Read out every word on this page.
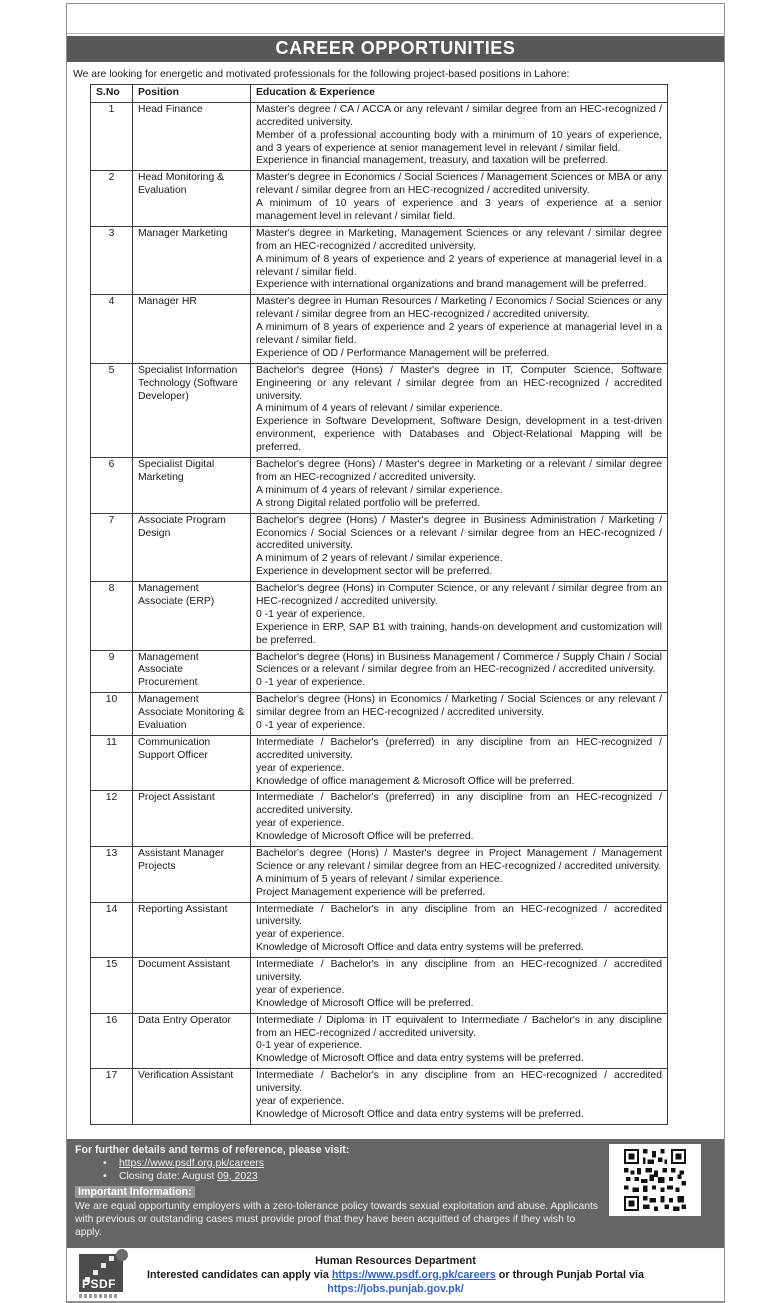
CAREER OPPORTUNITIES
We are looking for energetic and motivated professionals for the following project-based positions in Lahore:
S.No	Position	Education & Experience
1	Head Finance	Master's degree / CA / ACCA or any relevant / similar degree from an HEC-recognized / accredited university.
Member of a professional accounting body with a minimum of 10 years of experience, and 3 years of experience at senior management level in relevant / similar field.
Experience in financial management, treasury, and taxation will be preferred.

2	Head Monitoring & Evaluation	Master's degree in Economics / Social Sciences / Management Sciences or MBA or any relevant / similar degree from an HEC-recognized / accredited university.
A minimum of 10 years of experience and 3 years of experience at a senior management level in relevant / similar field.

3	Manager Marketing	Master's degree in Marketing, Management Sciences or any relevant / similar degree from an HEC-recognized / accredited university.
A minimum of 8 years of experience and 2 years of experience at managerial level in a relevant / similar field.
Experience with international organizations and brand management will be preferred.

4	Manager HR	Master's degree in Human Resources / Marketing / Economics / Social Sciences or any relevant / similar degree from an HEC-recognized / accredited university.
A minimum of 8 years of experience and 2 years of experience at managerial level in a relevant / similar field.
Experience of OD / Performance Management will be preferred.

5	Specialist Information Technology (Software Developer)	Bachelor's degree (Hons) / Master's degree in IT, Computer Science, Software Engineering or any relevant / similar degree from an HEC-recognized / accredited university.
A minimum of 4 years of relevant / similar experience.
Experience in Software Development, Software Design, development in a test-driven environment, experience with Databases and Object-Relational Mapping will be preferred.

6	Specialist Digital Marketing	Bachelor's degree (Hons) / Master's degree in Marketing or a relevant / similar degree from an HEC-recognized / accredited university.
A minimum of 4 years of relevant / similar experience.
A strong Digital related portfolio will be preferred.

7	Associate Program Design	Bachelor's degree (Hons) / Master's degree in Business Administration / Marketing / Economics / Social Sciences or a relevant / similar degree from an HEC-recognized / accredited university.
A minimum of 2 years of relevant / similar experience.
Experience in development sector will be preferred.

8	Management Associate (ERP)	Bachelor's degree (Hons) in Computer Science, or any relevant / similar degree from an HEC-recognized / accredited university.
0 -1 year of experience.
Experience in ERP, SAP B1 with training, hands-on development and customization will be preferred.

9	Management Associate Procurement	Bachelor's degree (Hons) in Business Management / Commerce / Supply Chain / Social Sciences or a relevant / similar degree from an HEC-recognized / accredited university.
0 -1 year of experience.

10	Management Associate Monitoring & Evaluation	Bachelor's degree (Hons) in Economics / Marketing / Social Sciences or any relevant / similar degree from an HEC-recognized / accredited university.
0 -1 year of experience.

11	Communication Support Officer	Intermediate / Bachelor's (preferred) in any discipline from an HEC-recognized / accredited university.
year of experience.
Knowledge of office management & Microsoft Office will be preferred.

12	Project Assistant	Intermediate / Bachelor's (preferred) in any discipline from an HEC-recognized / accredited university.
year of experience.
Knowledge of Microsoft Office will be preferred.

13	Assistant Manager Projects	Bachelor's degree (Hons) / Master's degree in Project Management / Management Science or any relevant / similar degree from an HEC-recognized / accredited university.
A minimum of 5 years of relevant / similar experience.
Project Management experience will be preferred.

14	Reporting Assistant	Intermediate / Bachelor's in any discipline from an HEC-recognized / accredited university.
year of experience.
Knowledge of Microsoft Office and data entry systems will be preferred.

15	Document Assistant	Intermediate / Bachelor's in any discipline from an HEC-recognized / accredited university.
year of experience.
Knowledge of Microsoft Office will be preferred.

16	Data Entry Operator	Intermediate / Diploma in IT equivalent to Intermediate / Bachelor's in any discipline from an HEC-recognized / accredited university.
0-1 year of experience.
Knowledge of Microsoft Office and data entry systems will be preferred.

17	Verification Assistant	Intermediate / Bachelor's in any discipline from an HEC-recognized / accredited university.
year of experience.
Knowledge of Microsoft Office and data entry systems will be preferred.
For further details and terms of reference, please visit:
• https://www.psdf.org.pk/careers
• Closing date: August 09, 2023
Important Information:
We are equal opportunity employers with a zero-tolerance policy towards sexual exploitation and abuse. Applicants with previous or outstanding cases must provide proof that they have been acquitted of charges if they wish to apply.
PSDF
Human Resources Department
Interested candidates can apply via https://www.psdf.org.pk/careers or through Punjab Portal via
https://jobs.punjab.gov.pk/
